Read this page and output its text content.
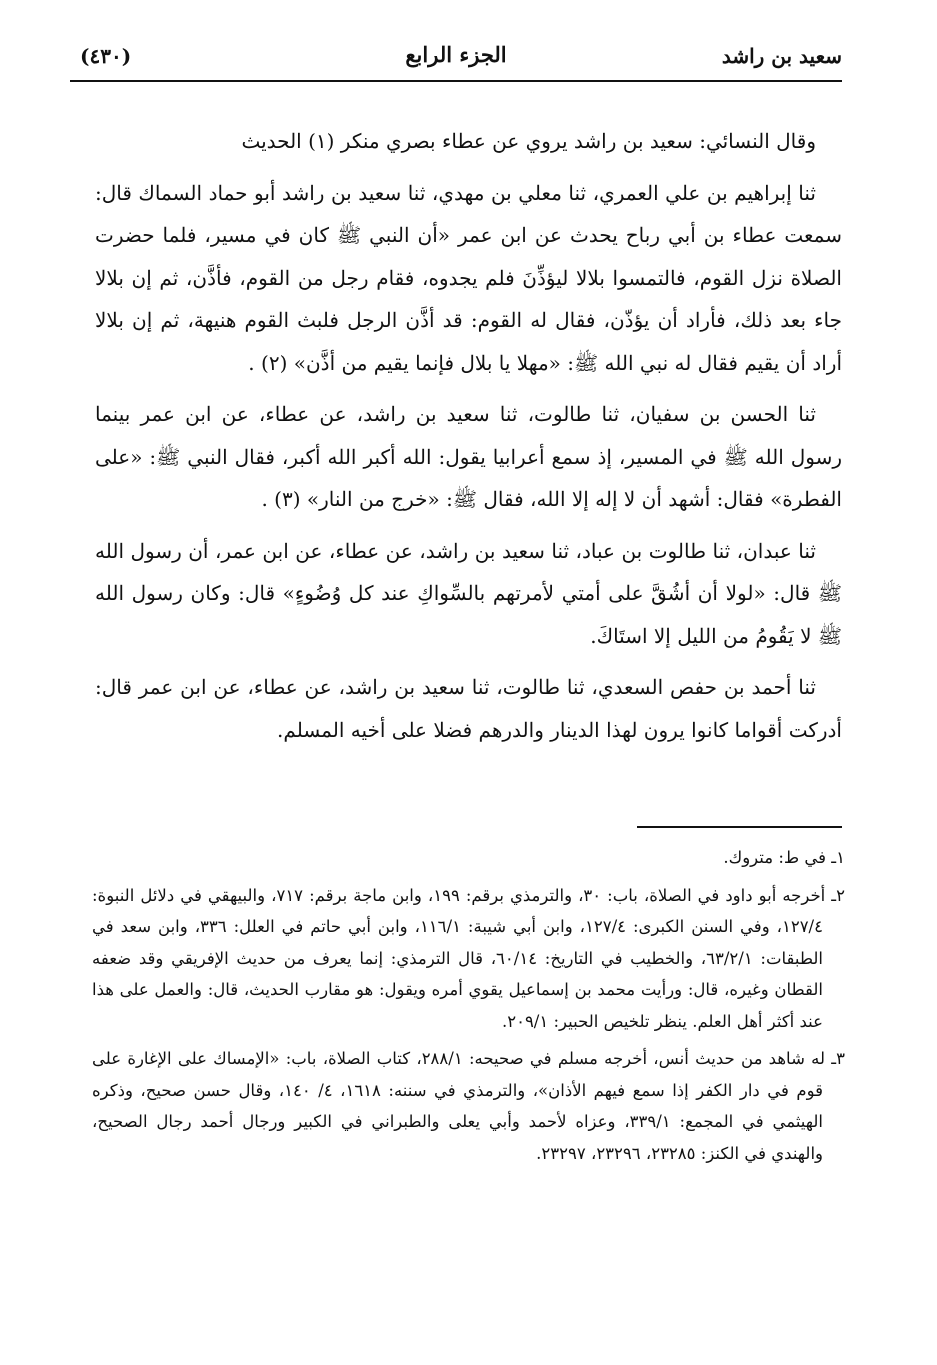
سعيد بن راشد
الجزء الرابع
(٤٣٠)

وقال النسائي: سعيد بن راشد يروي عن عطاء بصري منكر (١) الحديث

ثنا إبراهيم بن علي العمري، ثنا معلي بن مهدي، ثنا سعيد بن راشد أبو حماد السماك قال: سمعت عطاء بن أبي رباح يحدث عن ابن عمر «أن النبي ﷺ كان في مسير، فلما حضرت الصلاة نزل القوم، فالتمسوا بلالا ليؤذِّنَ فلم يجدوه، فقام رجل من القوم، فأذَّن، ثم إن بلالا جاء بعد ذلك، فأراد أن يؤذّن، فقال له القوم: قد أذَّن الرجل فلبث القوم هنيهة، ثم إن بلالا أراد أن يقيم فقال له نبي الله ﷺ: «مهلا يا بلال فإنما يقيم من أذَّن» (٢) .

ثنا الحسن بن سفيان، ثنا طالوت، ثنا سعيد بن راشد، عن عطاء، عن ابن عمر بينما رسول الله ﷺ في المسير، إذ سمع أعرابيا يقول: الله أكبر الله أكبر، فقال النبي ﷺ: «على الفطرة» فقال: أشهد أن لا إله إلا الله، فقال ﷺ: «خرج من النار» (٣) .

ثنا عبدان، ثنا طالوت بن عباد، ثنا سعيد بن راشد، عن عطاء، عن ابن عمر، أن رسول الله ﷺ قال: «لولا أن أشُقَّ على أمتي لأمرتهم بالسِّواكِ عند كل وُضُوءٍ» قال: وكان رسول الله ﷺ لا يَقُومُ من الليل إلا استَاكَ.

ثنا أحمد بن حفص السعدي، ثنا طالوت، ثنا سعيد بن راشد، عن عطاء، عن ابن عمر قال: أدركت أقواما كانوا يرون لهذا الدينار والدرهم فضلا على أخيه المسلم.

١ـ في ط: متروك.

٢ـ أخرجه أبو داود في الصلاة، باب: ٣٠، والترمذي برقم: ١٩٩، وابن ماجة برقم: ٧١٧، والبيهقي في دلائل النبوة: ١٢٧/٤، وفي السنن الكبرى: ١٢٧/٤، وابن أبي شيبة: ١١٦/١، وابن أبي حاتم في العلل: ٣٣٦، وابن سعد في الطبقات: ٦٣/٢/١، والخطيب في التاريخ: ٦٠/١٤، قال الترمذي: إنما يعرف من حديث الإفريقي وقد ضعفه القطان وغيره، قال: ورأيت محمد بن إسماعيل يقوي أمره ويقول: هو مقارب الحديث، قال: والعمل على هذا عند أكثر أهل العلم. ينظر تلخيص الحبير: ٢٠٩/١.

٣ـ له شاهد من حديث أنس، أخرجه مسلم في صحيحه: ٢٨٨/١، كتاب الصلاة، باب: «الإمساك على الإغارة على قوم في دار الكفر إذا سمع فيهم الأذان»، والترمذي في سننه: ١٦١٨، ٤/ ١٤٠، وقال حسن صحيح، وذكره الهيثمي في المجمع: ٣٣٩/١، وعزاه لأحمد وأبي يعلى والطبراني في الكبير ورجال أحمد رجال الصحيح، والهندي في الكنز: ٢٣٢٨٥، ٢٣٢٩٦، ٢٣٢٩٧.
